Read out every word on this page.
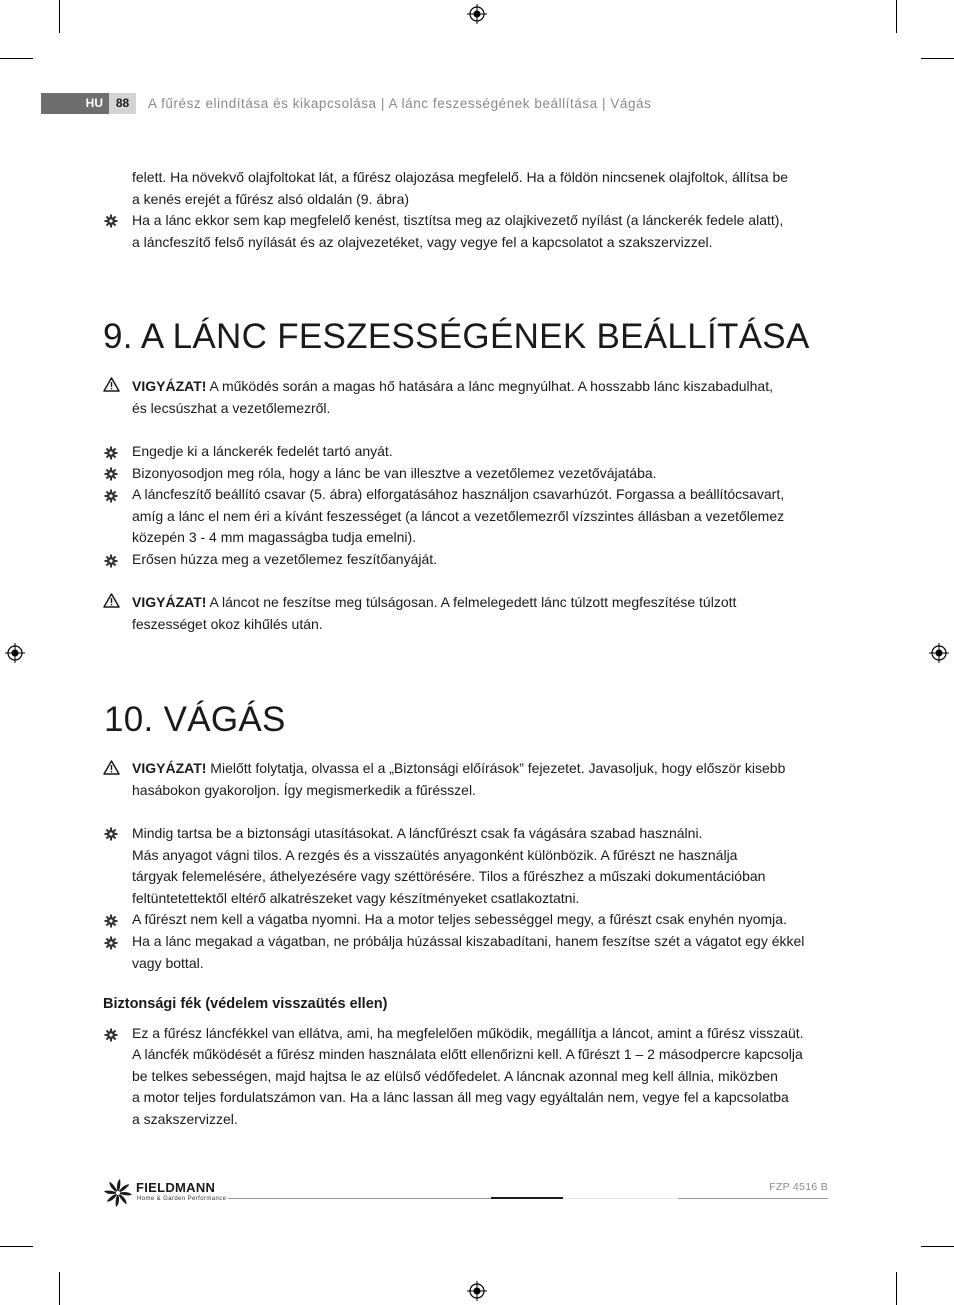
HU	88	A fűrész elindítása és kikapcsolása | A lánc feszességének beállítása | Vágás
felett. Ha növekvő olajfoltokat lát, a fűrész olajozása megfelelő. Ha a földön nincsenek olajfoltok, állítsa be
a kenés erejét a fűrész alsó oldalán (9. ábra)
Ha a lánc ekkor sem kap megfelelő kenést, tisztítsa meg az olajkivezető nyílást (a lánckerék fedele alatt),
a láncfeszítő felső nyílását és az olajvezetéket, vagy vegye fel a kapcsolatot a szakszervizzel.
9. A LÁNC FESZESSÉGÉNEK BEÁLLÍTÁSA
VIGYÁZAT! A működés során a magas hő hatására a lánc megnyúlhat. A hosszabb lánc kiszabadulhat,
és lecsúszhat a vezetőlemezről.
Engedje ki a lánckerék fedelét tartó anyát.
Bizonyosodjon meg róla, hogy a lánc be van illesztve a vezetőlemez vezetővájatába.
A láncfeszítő beállító csavar (5. ábra) elforgatásához használjon csavarhúzót. Forgassa a beállítócsavart,
amíg a lánc el nem éri a kívánt feszességet (a láncot a vezetőlemezről vízszintes állásban a vezetőlemez
közepén 3 - 4 mm magasságba tudja emelni).
Erősen húzza meg a vezetőlemez feszítőanyáját.
VIGYÁZAT! A láncot ne feszítse meg túlságosan. A felmelegedett lánc túlzott megfeszítése túlzott
feszességet okoz kihűlés után.
10. VÁGÁS
VIGYÁZAT! Mielőtt folytatja, olvassa el a „Biztonsági előírások” fejezetet. Javasoljuk, hogy először kisebb
hasábokon gyakoroljon. Így megismerkedik a fűrésszel.
Mindig tartsa be a biztonsági utasításokat. A láncfűrészt csak fa vágására szabad használni.
Más anyagot vágni tilos. A rezgés és a visszaütés anyagonként különbözik. A fűrészt ne használja
tárgyak felemelésére, áthelyezésére vagy széttörésére. Tilos a fűrészhez a műszaki dokumentációban
feltüntetettektől eltérő alkatrészeket vagy készítményeket csatlakoztatni.
A fűrészt nem kell a vágatba nyomni. Ha a motor teljes sebességgel megy, a fűrészt csak enyhén nyomja.
Ha a lánc megakad a vágatban, ne próbálja húzással kiszabadítani, hanem feszítse szét a vágatot egy ékkel
vagy bottal.
Biztonsági fék (védelem visszaütés ellen)
Ez a fűrész láncfékkel van ellátva, ami, ha megfelelően működik, megállítja a láncot, amint a fűrész visszaüt.
A láncfék működését a fűrész minden használata előtt ellenőrizni kell. A fűrészt 1 – 2 másodpercre kapcsolja
be telkes sebességen, majd hajtsa le az elülső védőfedelet. A láncnak azonnal meg kell állnia, miközben
a motor teljes fordulatszámon van. Ha a lánc lassan áll meg vagy egyáltalán nem, vegye fel a kapcsolatba
a szakszervizzel.
FIELDMANN
Home & Garden Performance
FZP 4516 B
